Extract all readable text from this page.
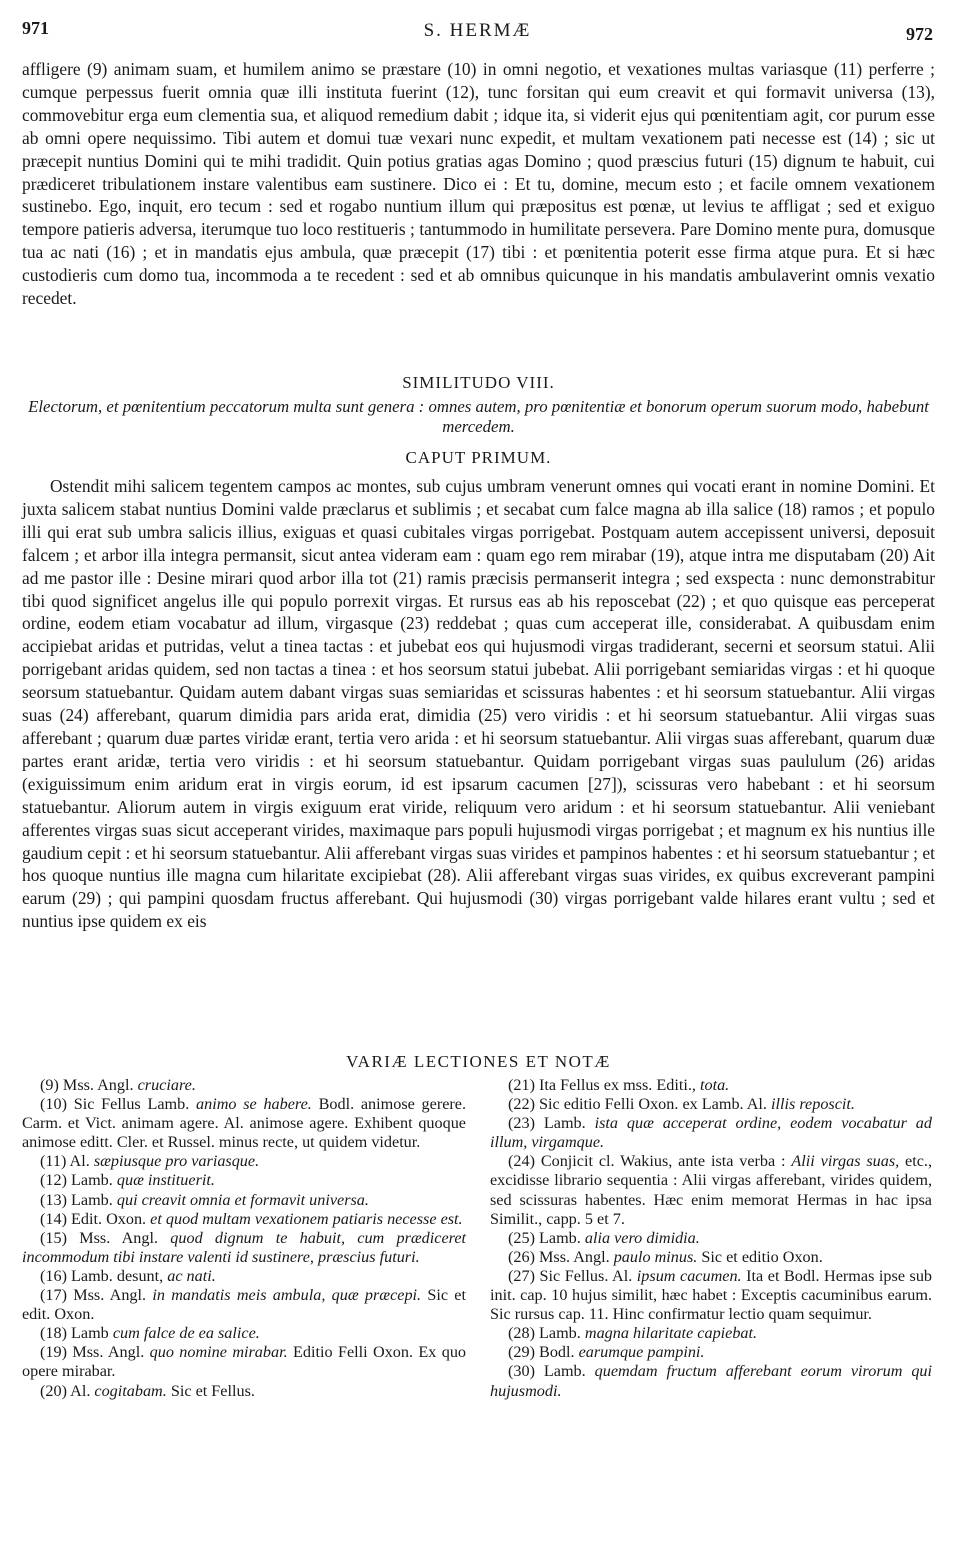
971	S. HERMÆ	972

affligere (9) animam suam, et humilem animo se præstare (10) in omni negotio, et vexationes multas variasque (11) perferre ; cumque perpessus fuerit omnia quæ illi instituta fuerint (12), tunc forsitan qui eum creavit et qui formavit universa (13), commovebitur erga eum clementia sua, et aliquod remedium dabit ; idque ita, si viderit ejus qui pœnitentiam agit, cor purum esse ab omni opere nequissimo. Tibi autem et domui tuæ vexari nunc expedit, et multam vexationem pati necesse est (14) ; sic ut præcepit nuntius Domini qui te mihi tradidit. Quin potius gratias agas Domino ; quod præscius futuri (15) dignum te habuit, cui prædiceret tribulationem instare valentibus eam sustinere. Dico ei : Et tu, domine, mecum esto ; et facile omnem vexationem sustinebo. Ego, inquit, ero tecum : sed et rogabo nuntium illum qui præpositus est pœnæ, ut levius te affligat ; sed et exiguo tempore patieris adversa, iterumque tuo loco restitueris ; tantummodo in humilitate persevera. Pare Domino mente pura, domusque tua ac nati (16) ; et in mandatis ejus ambula, quæ præcepit (17) tibi : et pœnitentia poterit esse firma atque pura. Et si hæc custodieris cum domo tua, incommoda a te recedent : sed et ab omnibus quicunque in his mandatis ambulaverint omnis vexatio recedet.

SIMILITUDO VIII.
Electorum, et pœnitentium peccatorum multa sunt genera : omnes autem, pro pœnitentiæ et bonorum operum suorum modo, habebunt mercedem.
CAPUT PRIMUM.

Ostendit mihi salicem tegentem campos ac montes, sub cujus umbram venerunt omnes qui vocati erant in nomine Domini. Et juxta salicem stabat nuntius Domini valde præclarus et sublimis ; et secabat cum falce magna ab illa salice (18) ramos ; et populo illi qui erat sub umbra salicis illius, exiguas et quasi cubitales virgas porrigebat. Postquam autem accepissent universi, deposuit falcem ; et arbor illa integra permansit, sicut antea videram eam : quam ego rem mirabar (19), atque intra me disputabam (20) Ait ad me pastor ille : Desine mirari quod arbor illa tot (21) ramis præcisis permanserit integra ; sed exspecta : nunc demonstrabitur tibi quod significet angelus ille qui populo porrexit virgas. Et rursus eas ab his reposcebat (22) ; et quo quisque eas perceperat ordine, eodem etiam vocabatur ad illum, virgasque (23) reddebat ; quas cum acceperat ille, considerabat. A quibusdam enim accipiebat aridas et putridas, velut a tinea tactas : et jubebat eos qui hujusmodi virgas tradiderant, secerni et seorsum statui. Alii porrigebant aridas quidem, sed non tactas a tinea : et hos seorsum statui jubebat. Alii porrigebant semiaridas virgas : et hi quoque seorsum statuebantur. Quidam autem dabant virgas suas semiaridas et scissuras habentes : et hi seorsum statuebantur. Alii virgas suas (24) afferebant, quarum dimidia pars arida erat, dimidia (25) vero viridis : et hi seorsum statuebantur. Alii virgas suas afferebant ; quarum duæ partes viridæ erant, tertia vero arida : et hi seorsum statuebantur. Alii virgas suas afferebant, quarum duæ partes erant aridæ, tertia vero viridis : et hi seorsum statuebantur. Quidam porrigebant virgas suas paululum (26) aridas (exiguissimum enim aridum erat in virgis eorum, id est ipsarum cacumen [27]), scissuras vero habebant : et hi seorsum statuebantur. Aliorum autem in virgis exiguum erat viride, reliquum vero aridum : et hi seorsum statuebantur. Alii veniebant afferentes virgas suas sicut acceperant virides, maximaque pars populi hujusmodi virgas porrigebat ; et magnum ex his nuntius ille gaudium cepit : et hi seorsum statuebantur. Alii afferebant virgas suas virides et pampinos habentes : et hi seorsum statuebantur ; et hos quoque nuntius ille magna cum hilaritate excipiebat (28). Alii afferebant virgas suas virides, ex quibus excreverant pampini earum (29) ; qui pampini quosdam fructus afferebant. Qui hujusmodi (30) virgas porrigebant valde hilares erant vultu ; sed et nuntius ipse quidem ex eis

VARIÆ LECTIONES ET NOTÆ

(9) Mss. Angl. cruciare.

(10) Sic Fellus Lamb. animo se habere. Bodl. animose gerere. Carm. et Vict. animam agere. Al. animose agere. Exhibent quoque animose editt. Cler. et Russel. minus recte, ut quidem videtur.

(11) Al. sæpiusque pro variasque.

(12) Lamb. quæ instituerit.

(13) Lamb. qui creavit omnia et formavit universa.

(14) Edit. Oxon. et quod multam vexationem patiaris necesse est.

(15) Mss. Angl. quod dignum te habuit, cum prædiceret incommodum tibi instare valenti id sustinere, præscius futuri.

(16) Lamb. desunt, ac nati.

(17) Mss. Angl. in mandatis meis ambula, quæ præcepi. Sic et edit. Oxon.

(18) Lamb cum falce de ea salice.

(19) Mss. Angl. quo nomine mirabar. Editio Felli Oxon. Ex quo opere mirabar.

(20) Al. cogitabam. Sic et Fellus.

(21) Ita Fellus ex mss. Editi., tota.

(22) Sic editio Felli Oxon. ex Lamb. Al. illis reposcit.

(23) Lamb. ista quæ acceperat ordine, eodem vocabatur ad illum, virgamque.

(24) Conjicit cl. Wakius, ante ista verba : Alii virgas suas, etc., excidisse librario sequentia : Alii virgas afferebant, virides quidem, sed scissuras habentes. Hæc enim memorat Hermas in hac ipsa Similit., capp. 5 et 7.

(25) Lamb. alia vero dimidia.

(26) Mss. Angl. paulo minus. Sic et editio Oxon.

(27) Sic Fellus. Al. ipsum cacumen. Ita et Bodl. Hermas ipse sub init. cap. 10 hujus similit, hæc habet : Exceptis cacuminibus earum. Sic rursus cap. 11. Hinc confirmatur lectio quam sequimur.

(28) Lamb. magna hilaritate capiebat.

(29) Bodl. earumque pampini.

(30) Lamb. quemdam fructum afferebant eorum virorum qui hujusmodi.
